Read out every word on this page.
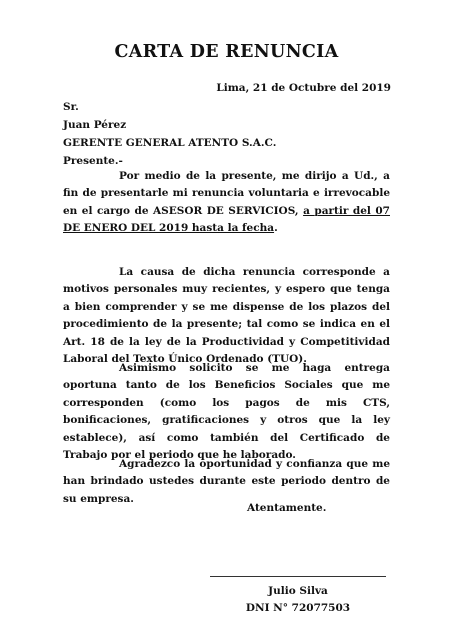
CARTA DE RENUNCIA
Lima, 21 de Octubre del 2019
Sr.
Juan Pérez
GERENTE GENERAL ATENTO S.A.C.
Presente.-

Por medio de la presente, me dirijo a Ud., a fin de presentarle mi renuncia voluntaria e irrevocable en el cargo de ASESOR DE SERVICIOS, a partir del 07 DE ENERO DEL 2019 hasta la fecha.

La causa de dicha renuncia corresponde a motivos personales muy recientes, y espero que tenga a bien comprender y se me dispense de los plazos del procedimiento de la presente; tal como se indica en el Art. 18 de la ley de la Productividad y Competitividad Laboral del Texto Único Ordenado (TUO).

Asimismo solicito se me haga entrega oportuna tanto de los Beneficios Sociales que me corresponden (como los pagos de mis CTS, bonificaciones, gratificaciones y otros que la ley establece), así como también del Certificado de Trabajo por el periodo que he laborado.

Agradezco la oportunidad y confianza que me han brindado ustedes durante este periodo dentro de su empresa.

Atentamente.
Julio Silva
DNI N° 72077503
